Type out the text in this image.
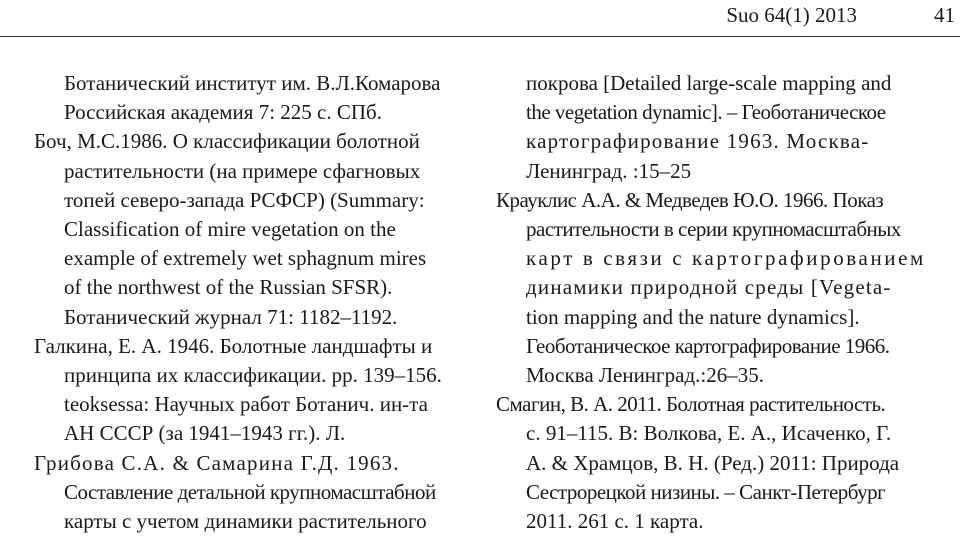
Suo 64(1) 2013	41
Ботанический институт им. В.Л.Комарова
Российская академия 7: 225 с. СПб.
Боч, М.С.1986. О классификации болотной
растительности (на примере сфагновых
топей северо-запада РСФСР) (Summary:
Classification of mire vegetation on the
example of extremely wet sphagnum mires
of the northwest of the Russian SFSR).
Ботанический журнал 71: 1182–1192.
Галкина, Е. А. 1946. Болотные ландшафты и
принципа их классификации. pp. 139–156.
teoksessa: Научных работ Ботанич. ин-та
АН СССР (за 1941–1943 гг.). Л.
Грибова С.А. & Самарина Г.Д. 1963.
Составление детальной крупномасштабной
карты с учетом динамики растительного
покрова [Detailed large-scale mapping and
the vegetation dynamic]. – Геоботаническое
картографирование 1963. Москва-
Ленинград. :15–25
Крауклис А.А. & Медведев Ю.О. 1966. Показ
растительности в серии крупномасштабных
карт в связи с картографированием
динамики природной среды [Vegeta-
tion mapping and the nature dynamics].
Геоботаническое картографирование 1966.
Москва Ленинград.:26–35.
Смагин, В. А. 2011. Болотная растительность.
с. 91–115. В: Волкова, Е. А., Исаченко, Г.
А. & Храмцов, В. Н. (Ред.) 2011: Природа
Сестрорецкой низины. – Санкт-Петербург
2011. 261 с. 1 карта.
